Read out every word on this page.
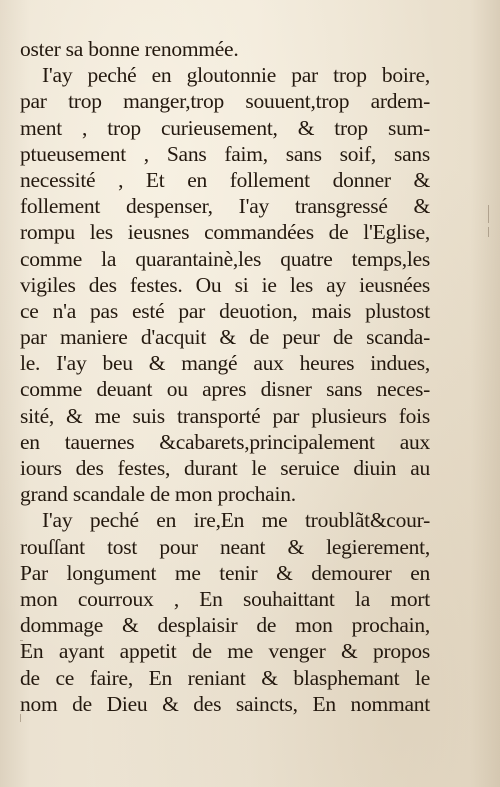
oster sa bonne renommée.
I'ay peché en gloutonnie par trop boire,
par trop manger,trop souuent,trop ardem-
ment , trop curieusement, & trop sum-
ptueusement , Sans faim, sans soif, sans
necessité , Et en follement donner &
follement despenser, I'ay transgressé &
rompu les ieusnes commandées de l'Eglise,
comme la quarantainè,les quatre temps,les
vigiles des festes. Ou si ie les ay ieusnées
ce n'a pas esté par deuotion, mais plustost
par maniere d'acquit & de peur de scanda-
le. I'ay beu & mangé aux heures indues,
comme deuant ou apres disner sans neces-
sité, & me suis transporté par plusieurs fois
en tauernes &cabarets,principalement aux
iours des festes, durant le seruice diuin au
grand scandale de mon prochain.
I'ay peché en ire,En me troublãt&cour-
rouſſant tost pour neant & legierement,
Par longument me tenir & demourer en
mon courroux , En souhaittant la mort
dommage & desplaisir de mon prochain,
En ayant appetit de me venger & propos
de ce faire, En reniant & blasphemant le
nom de Dieu & des saincts, En nommant
